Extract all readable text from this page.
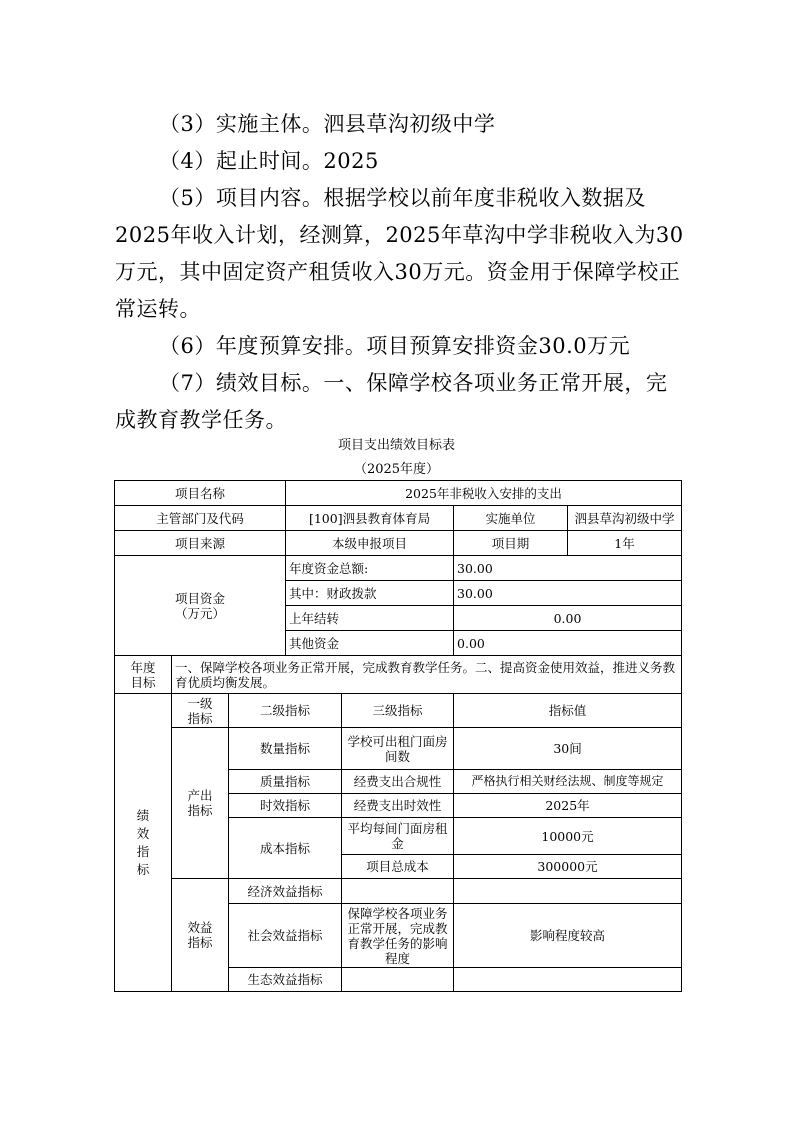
（3）实施主体。泗县草沟初级中学

（4）起止时间。2025

（5）项目内容。根据学校以前年度非税收入数据及2025年收入计划，经测算，2025年草沟中学非税收入为30万元，其中固定资产租赁收入30万元。资金用于保障学校正常运转。

（6）年度预算安排。项目预算安排资金30.0万元

（7）绩效目标。一、保障学校各项业务正常开展，完成教育教学任务。

项目支出绩效目标表

（2025年度）

项目名称			2025年非税收入安排的支出			
主管部门及代码			[100]泗县教育体育局		实施单位	泗县草沟初级中学
项目来源			本级申报项目		项目期	1年

项目资金
（万元）			年度资金总额:		30.00	
			其中：财政拨款		30.00	
			上年结转		0.00	
			其他资金		0.00	

年度
目标	一、保障学校各项业务正常开展，完成教育教学任务。二、提高资金使用效益，推进义务教育优质均衡发展。					

绩效指标	一级指标	二级指标		三级指标	指标值	

	产出指标	数量指标		学校可出租门面房间数	30间	
		质量指标		经费支出合规性	严格执行相关财经法规、制度等规定	
		时效指标		经费支出时效性	2025年	
		成本指标		平均每间门面房租金	10000元	
				项目总成本	300000元	

	效益指标	经济效益指标				
		社会效益指标		保障学校各项业务正常开展，完成教育教学任务的影响程度	影响程度较高	
		生态效益指标				
